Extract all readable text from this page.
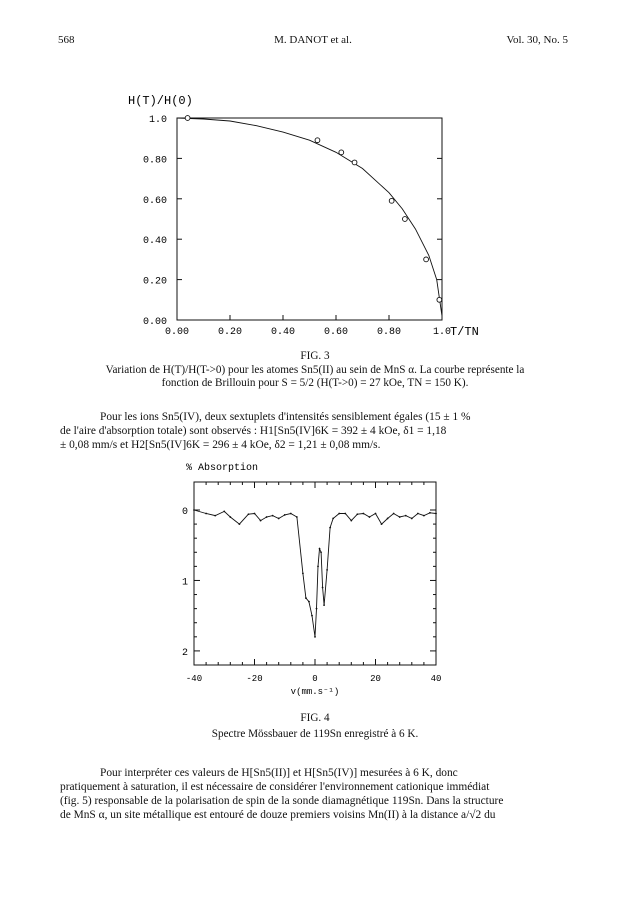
568	M. DANOT et al.	Vol. 30, No. 5
H(T)/H(0)
T/TN
0.00
0.20
0.40
0.60
0.80
1.0
0.00	0.20	0.40	0.60	0.80	1.0
% Absorption
v(mm.s⁻¹)
0
1
2
-40	-20	0	20	40
FIG. 3
Variation de H(T)/H(T->0) pour les atomes Sn5(II) au sein de MnS α. La courbe représente la
fonction de Brillouin pour S = 5/2 (H(T->0) = 27 kOe, TN = 150 K).

Pour les ions Sn5(IV), deux sextuplets d'intensités sensiblement égales (15 ± 1 %

de l'aire d'absorption totale) sont observés : H1[Sn5(IV]6K = 392 ± 4 kOe, δ1 = 1,18
± 0,08 mm/s et H2[Sn5(IV]6K = 296 ± 4 kOe, δ2 = 1,21 ± 0,08 mm/s.
FIG. 4
Spectre Mössbauer de 119Sn enregistré à 6 K.

Pour interpréter ces valeurs de H[Sn5(II)] et H[Sn5(IV)] mesurées à 6 K, donc

pratiquement à saturation, il est nécessaire de considérer l'environnement cationique immédiat
(fig. 5) responsable de la polarisation de spin de la sonde diamagnétique 119Sn. Dans la structure
de MnS α, un site métallique est entouré de douze premiers voisins Mn(II) à la distance a/√2 du
